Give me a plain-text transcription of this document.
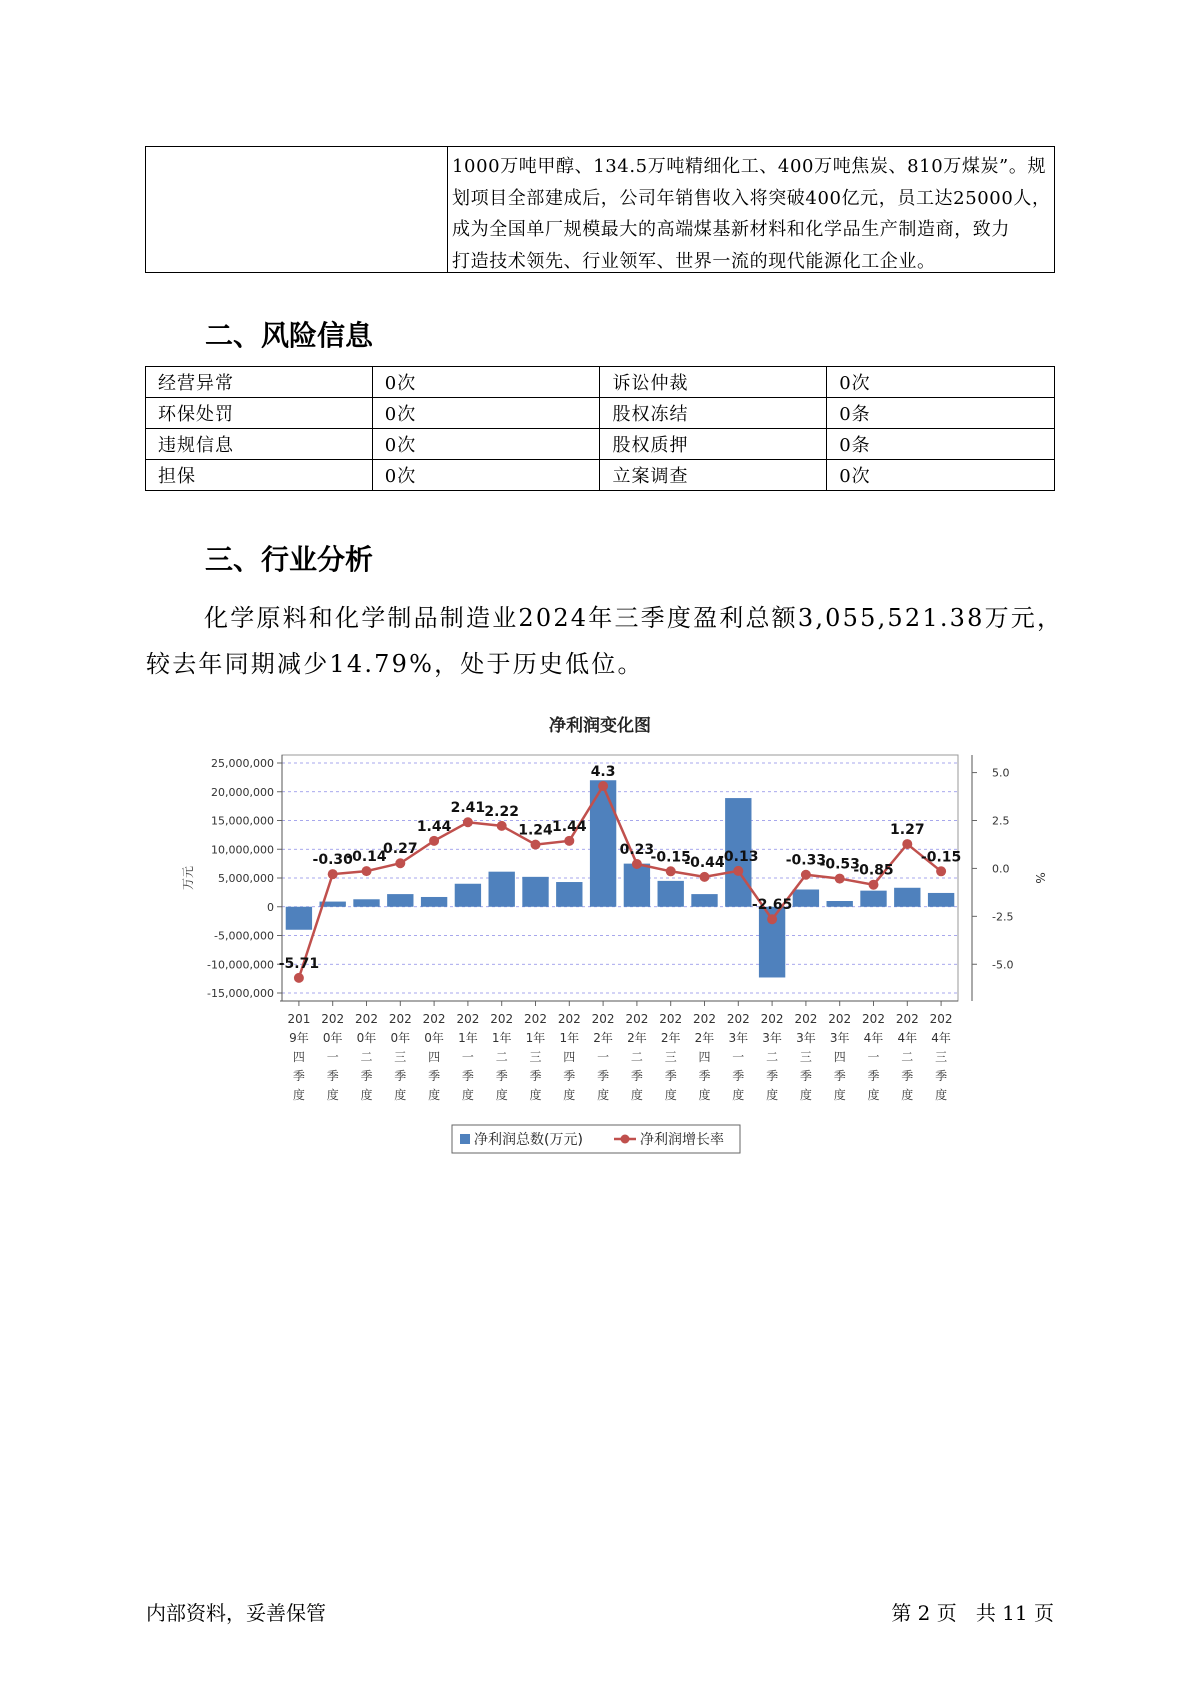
1000万吨甲醇、134.5万吨精细化工、400万吨焦炭、810万煤炭”。规
划项目全部建成后，公司年销售收入将突破400亿元，员工达25000人，
成为全国单厂规模最大的高端煤基新材料和化学品生产制造商，致力
打造技术领先、行业领军、世界一流的现代能源化工企业。
二、风险信息
经营异常	0次	诉讼仲裁	0次
环保处罚	0次	股权冻结	0条
违规信息	0次	股权质押	0条
担保	0次	立案调查	0次
三、行业分析
化学原料和化学制品制造业2024年三季度盈利总额3,055,521.38万元，
较去年同期减少14.79%，处于历史低位。
净利润变化图
25,000,000
20,000,000
15,000,000
10,000,000
5,000,000
0
-5,000,000
-10,000,000
-15,000,000
5.0
2.5
0.0
-2.5
-5.0
万元	%
-5.71
-0.30
-0.14
0.27
1.44
2.41 2.22
1.24 1.44
4.3
0.23
-0.15
-0.44
-0.13
-2.65
-0.33
-0.53
-0.85
1.27
-0.15
201 9年四季度
202 0年一季度
202 0年二季度
202 0年三季度
202 0年四季度
202 1年一季度
202 1年二季度
202 1年三季度
202 1年四季度
202 2年一季度
202 2年二季度
202 2年三季度
202 2年四季度
202 3年一季度
202 3年二季度
202 3年三季度
202 3年四季度
202 4年一季度
202 4年二季度
202 4年三季度
净利润总数(万元)	净利润增长率
内部资料，妥善保管	第 2 页   共 11 页
